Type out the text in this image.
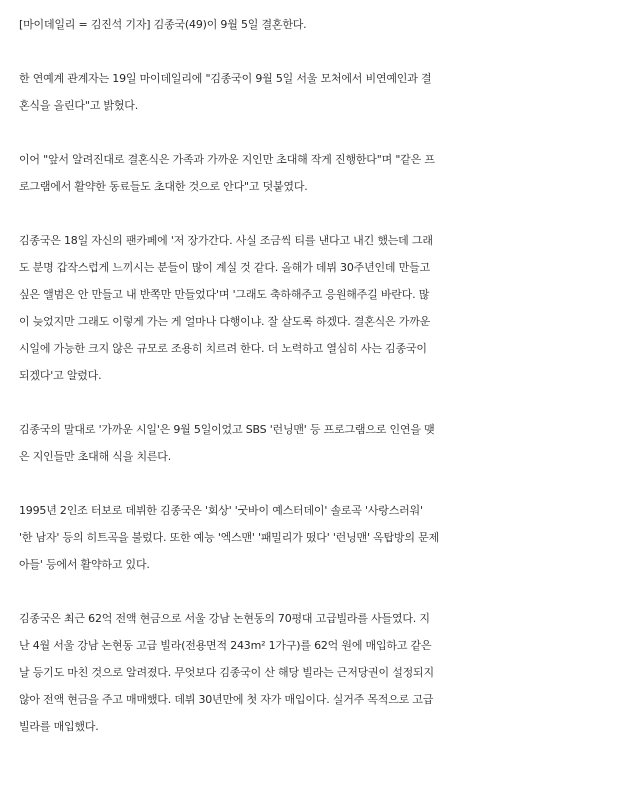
[마이데일리 = 김진석 기자] 김종국(49)이 9월 5일 결혼한다.

한 연예계 관계자는 19일 마이데일리에 "김종국이 9월 5일 서울 모처에서 비연예인과 결
혼식을 올린다"고 밝혔다.

이어 "앞서 알려진대로 결혼식은 가족과 가까운 지인만 초대해 작게 진행한다"며 "같은 프
로그램에서 활약한 동료들도 초대한 것으로 안다"고 덧붙였다.

김종국은 18일 자신의 팬카페에 '저 장가간다. 사실 조금씩 티를 낸다고 내긴 했는데 그래
도 분명 갑작스럽게 느끼시는 분들이 많이 계실 것 같다. 올해가 데뷔 30주년인데 만들고
싶은 앨범은 안 만들고 내 반쪽만 만들었다'며 '그래도 축하해주고 응원해주길 바란다. 많
이 늦었지만 그래도 이렇게 가는 게 얼마나 다행이냐. 잘 살도록 하겠다. 결혼식은 가까운
시일에 가능한 크지 않은 규모로 조용히 치르려 한다. 더 노력하고 열심히 사는 김종국이
되겠다'고 알렸다.

김종국의 말대로 '가까운 시일'은 9월 5일이었고 SBS '런닝맨' 등 프로그램으로 인연을 맺
은 지인들만 초대해 식을 치른다.

1995년 2인조 터보로 데뷔한 김종국은 '회상' '굿바이 예스터데이' 솔로곡 '사랑스러워'
'한 남자' 등의 히트곡을 불렀다. 또한 예능 '엑스맨' '패밀리가 떴다' '런닝맨' 옥탑방의 문제
아들' 등에서 활약하고 있다.

김종국은 최근 62억 전액 현금으로 서울 강남 논현동의 70평대 고급빌라를 사들였다. 지
난 4월 서울 강남 논현동 고급 빌라(전용면적 243m² 1가구)를 62억 원에 매입하고 같은
날 등기도 마친 것으로 알려졌다. 무엇보다 김종국이 산 해당 빌라는 근저당권이 설정되지
않아 전액 현금을 주고 매매했다. 데뷔 30년만에 첫 자가 매입이다. 실거주 목적으로 고급
빌라를 매입했다.
